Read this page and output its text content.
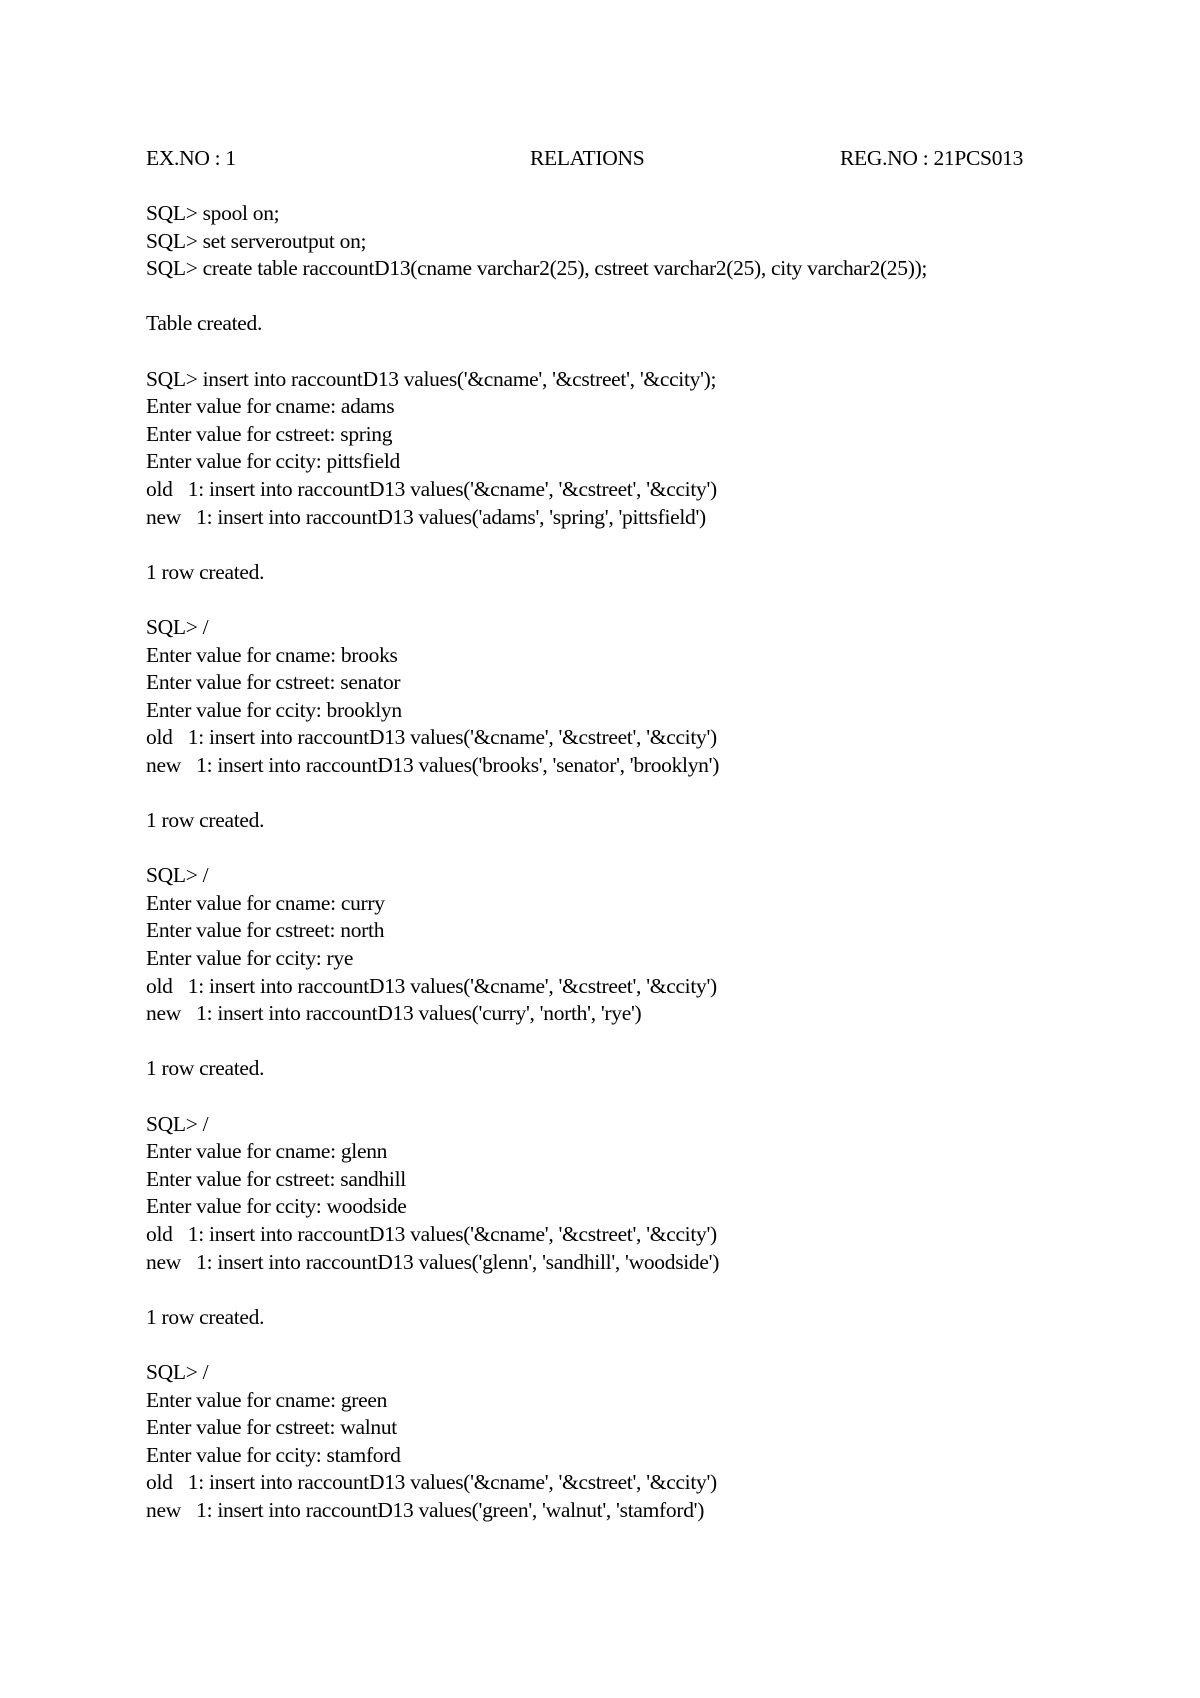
EX.NO : 1	RELATIONS	REG.NO : 21PCS013
SQL> spool on;
SQL> set serveroutput on;
SQL> create table raccountD13(cname varchar2(25), cstreet varchar2(25), city varchar2(25));
Table created.
SQL> insert into raccountD13 values('&cname', '&cstreet', '&ccity');
Enter value for cname: adams
Enter value for cstreet: spring
Enter value for ccity: pittsfield
old   1: insert into raccountD13 values('&cname', '&cstreet', '&ccity')
new   1: insert into raccountD13 values('adams', 'spring', 'pittsfield')
1 row created.
SQL> /
Enter value for cname: brooks
Enter value for cstreet: senator
Enter value for ccity: brooklyn
old   1: insert into raccountD13 values('&cname', '&cstreet', '&ccity')
new   1: insert into raccountD13 values('brooks', 'senator', 'brooklyn')
1 row created.
SQL> /
Enter value for cname: curry
Enter value for cstreet: north
Enter value for ccity: rye
old   1: insert into raccountD13 values('&cname', '&cstreet', '&ccity')
new   1: insert into raccountD13 values('curry', 'north', 'rye')
1 row created.
SQL> /
Enter value for cname: glenn
Enter value for cstreet: sandhill
Enter value for ccity: woodside
old   1: insert into raccountD13 values('&cname', '&cstreet', '&ccity')
new   1: insert into raccountD13 values('glenn', 'sandhill', 'woodside')
1 row created.
SQL> /
Enter value for cname: green
Enter value for cstreet: walnut
Enter value for ccity: stamford
old   1: insert into raccountD13 values('&cname', '&cstreet', '&ccity')
new   1: insert into raccountD13 values('green', 'walnut', 'stamford')
